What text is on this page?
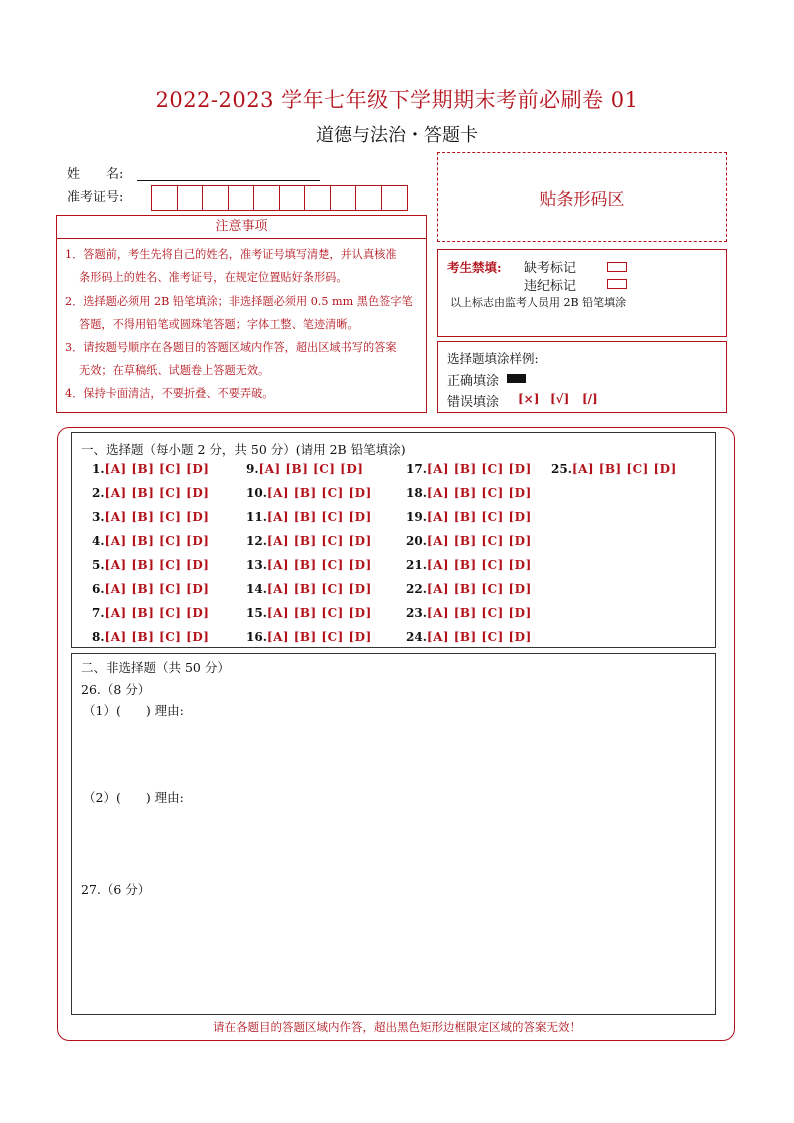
2022-2023 学年七年级下学期期末考前必刷卷 01
道德与法治・答题卡
姓　　名:
准考证号:	贴条形码区
注意事项
1．答题前，考生先将自己的姓名，准考证号填写清楚，并认真核准
条形码上的姓名、准考证号，在规定位置贴好条形码。
2．选择题必须用 2B 铅笔填涂；非选择题必须用 0.5 mm 黑色签字笔
答题，不得用铅笔或圆珠笔答题；字体工整、笔迹清晰。
3．请按题号顺序在各题目的答题区域内作答，超出区域书写的答案
无效；在草稿纸、试题卷上答题无效。
4．保持卡面清洁，不要折叠、不要弄破。
考生禁填: 缺考标记
违纪标记
以上标志由监考人员用 2B 铅笔填涂
选择题填涂样例:
正确填涂
错误填涂 [×] [√] [/]
一、选择题（每小题 2 分，共 50 分）(请用 2B 铅笔填涂)
1.[A] [B] [C] [D]
2.[A] [B] [C] [D]
3.[A] [B] [C] [D]
4.[A] [B] [C] [D]
5.[A] [B] [C] [D]
6.[A] [B] [C] [D]
7.[A] [B] [C] [D]
8.[A] [B] [C] [D]
9.[A] [B] [C] [D]
10.[A] [B] [C] [D]
11.[A] [B] [C] [D]
12.[A] [B] [C] [D]
13.[A] [B] [C] [D]
14.[A] [B] [C] [D]
15.[A] [B] [C] [D]
16.[A] [B] [C] [D]
17.[A] [B] [C] [D]
18.[A] [B] [C] [D]
19.[A] [B] [C] [D]
20.[A] [B] [C] [D]
21.[A] [B] [C] [D]
22.[A] [B] [C] [D]
23.[A] [B] [C] [D]
24.[A] [B] [C] [D]
25.[A] [B] [C] [D]
二、非选择题（共 50 分）
26.（8 分）
（1）(　　) 理由:
（2）(　　) 理由:
27.（6 分）
请在各题目的答题区域内作答，超出黑色矩形边框限定区域的答案无效！
